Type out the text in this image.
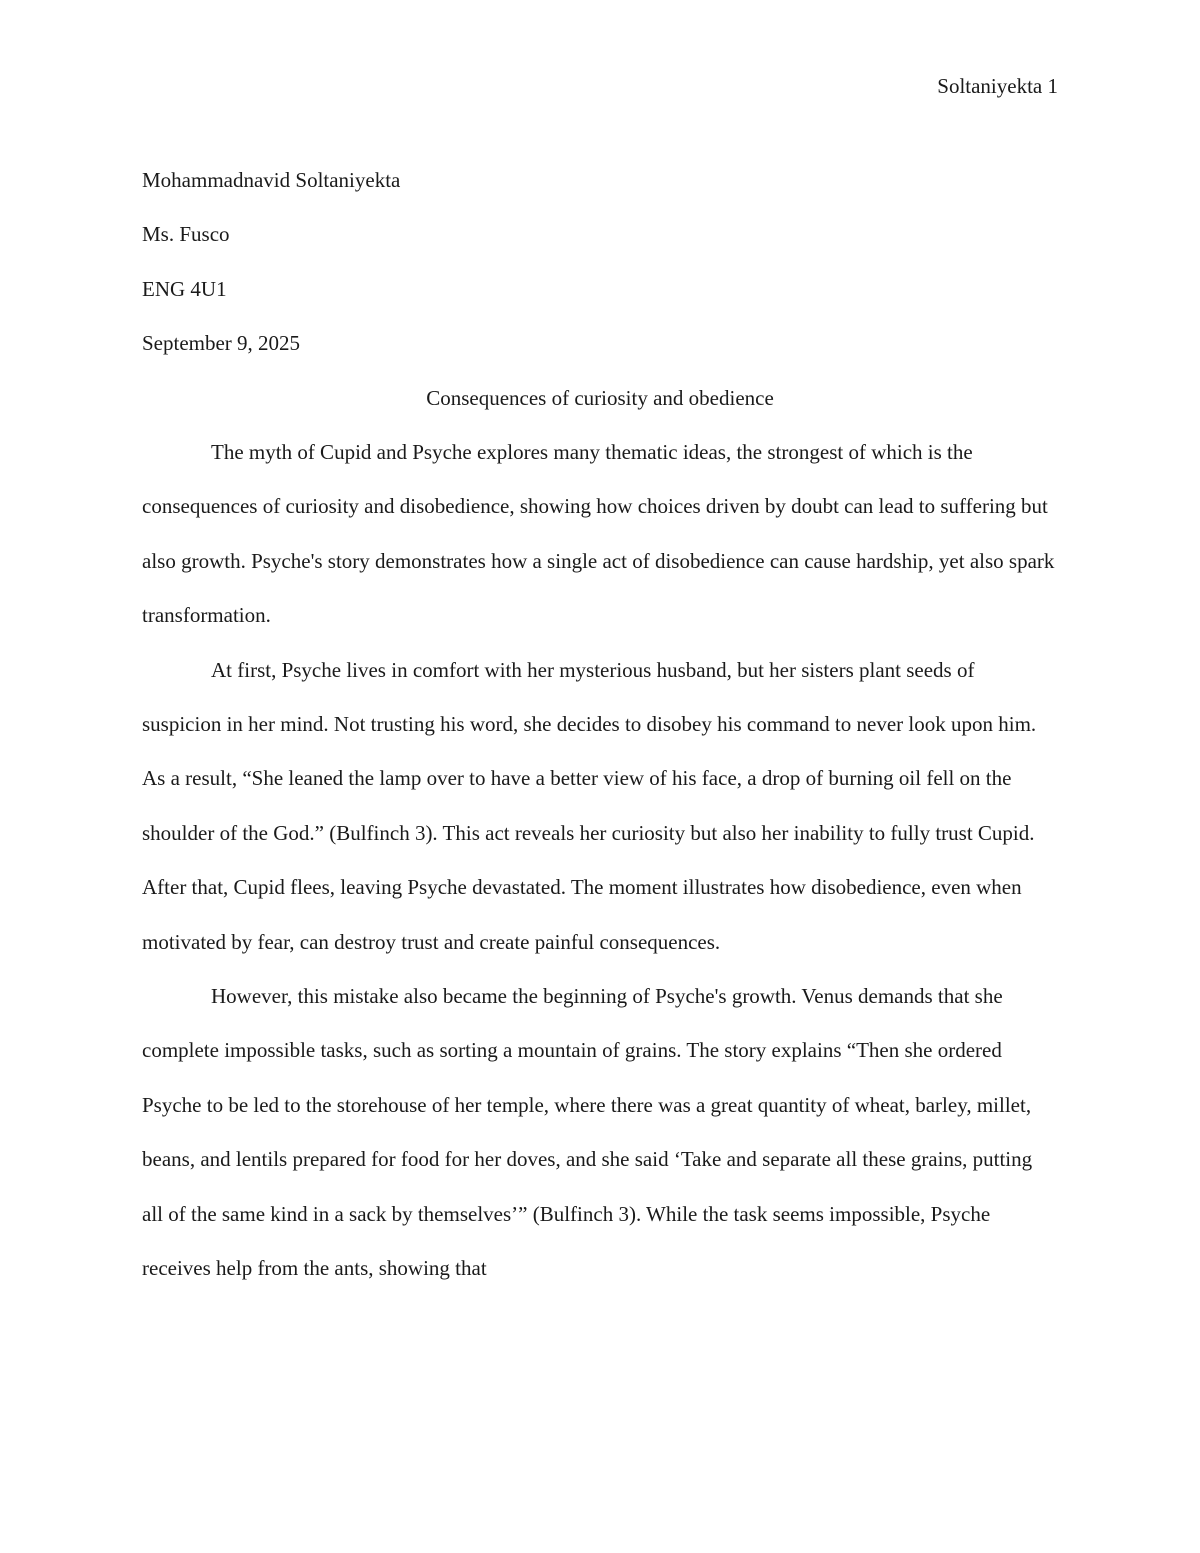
Soltaniyekta 1
Mohammadnavid Soltaniyekta
Ms. Fusco
ENG 4U1
September 9, 2025
Consequences of curiosity and obedience

The myth of Cupid and Psyche explores many thematic ideas, the strongest of which is the consequences of curiosity and disobedience, showing how choices driven by doubt can lead to suffering but also growth. Psyche's story demonstrates how a single act of disobedience can cause hardship, yet also spark transformation.

At first, Psyche lives in comfort with her mysterious husband, but her sisters plant seeds of suspicion in her mind. Not trusting his word, she decides to disobey his command to never look upon him. As a result, “She leaned the lamp over to have a better view of his face, a drop of burning oil fell on the shoulder of the God.” (Bulfinch 3). This act reveals her curiosity but also her inability to fully trust Cupid. After that, Cupid flees, leaving Psyche devastated. The moment illustrates how disobedience, even when motivated by fear, can destroy trust and create painful consequences.

However, this mistake also became the beginning of Psyche's growth. Venus demands that she complete impossible tasks, such as sorting a mountain of grains. The story explains “Then she ordered Psyche to be led to the storehouse of her temple, where there was a great quantity of wheat, barley, millet, beans, and lentils prepared for food for her doves, and she said ‘Take and separate all these grains, putting all of the same kind in a sack by themselves’” (Bulfinch 3). While the task seems impossible, Psyche receives help from the ants, showing that
